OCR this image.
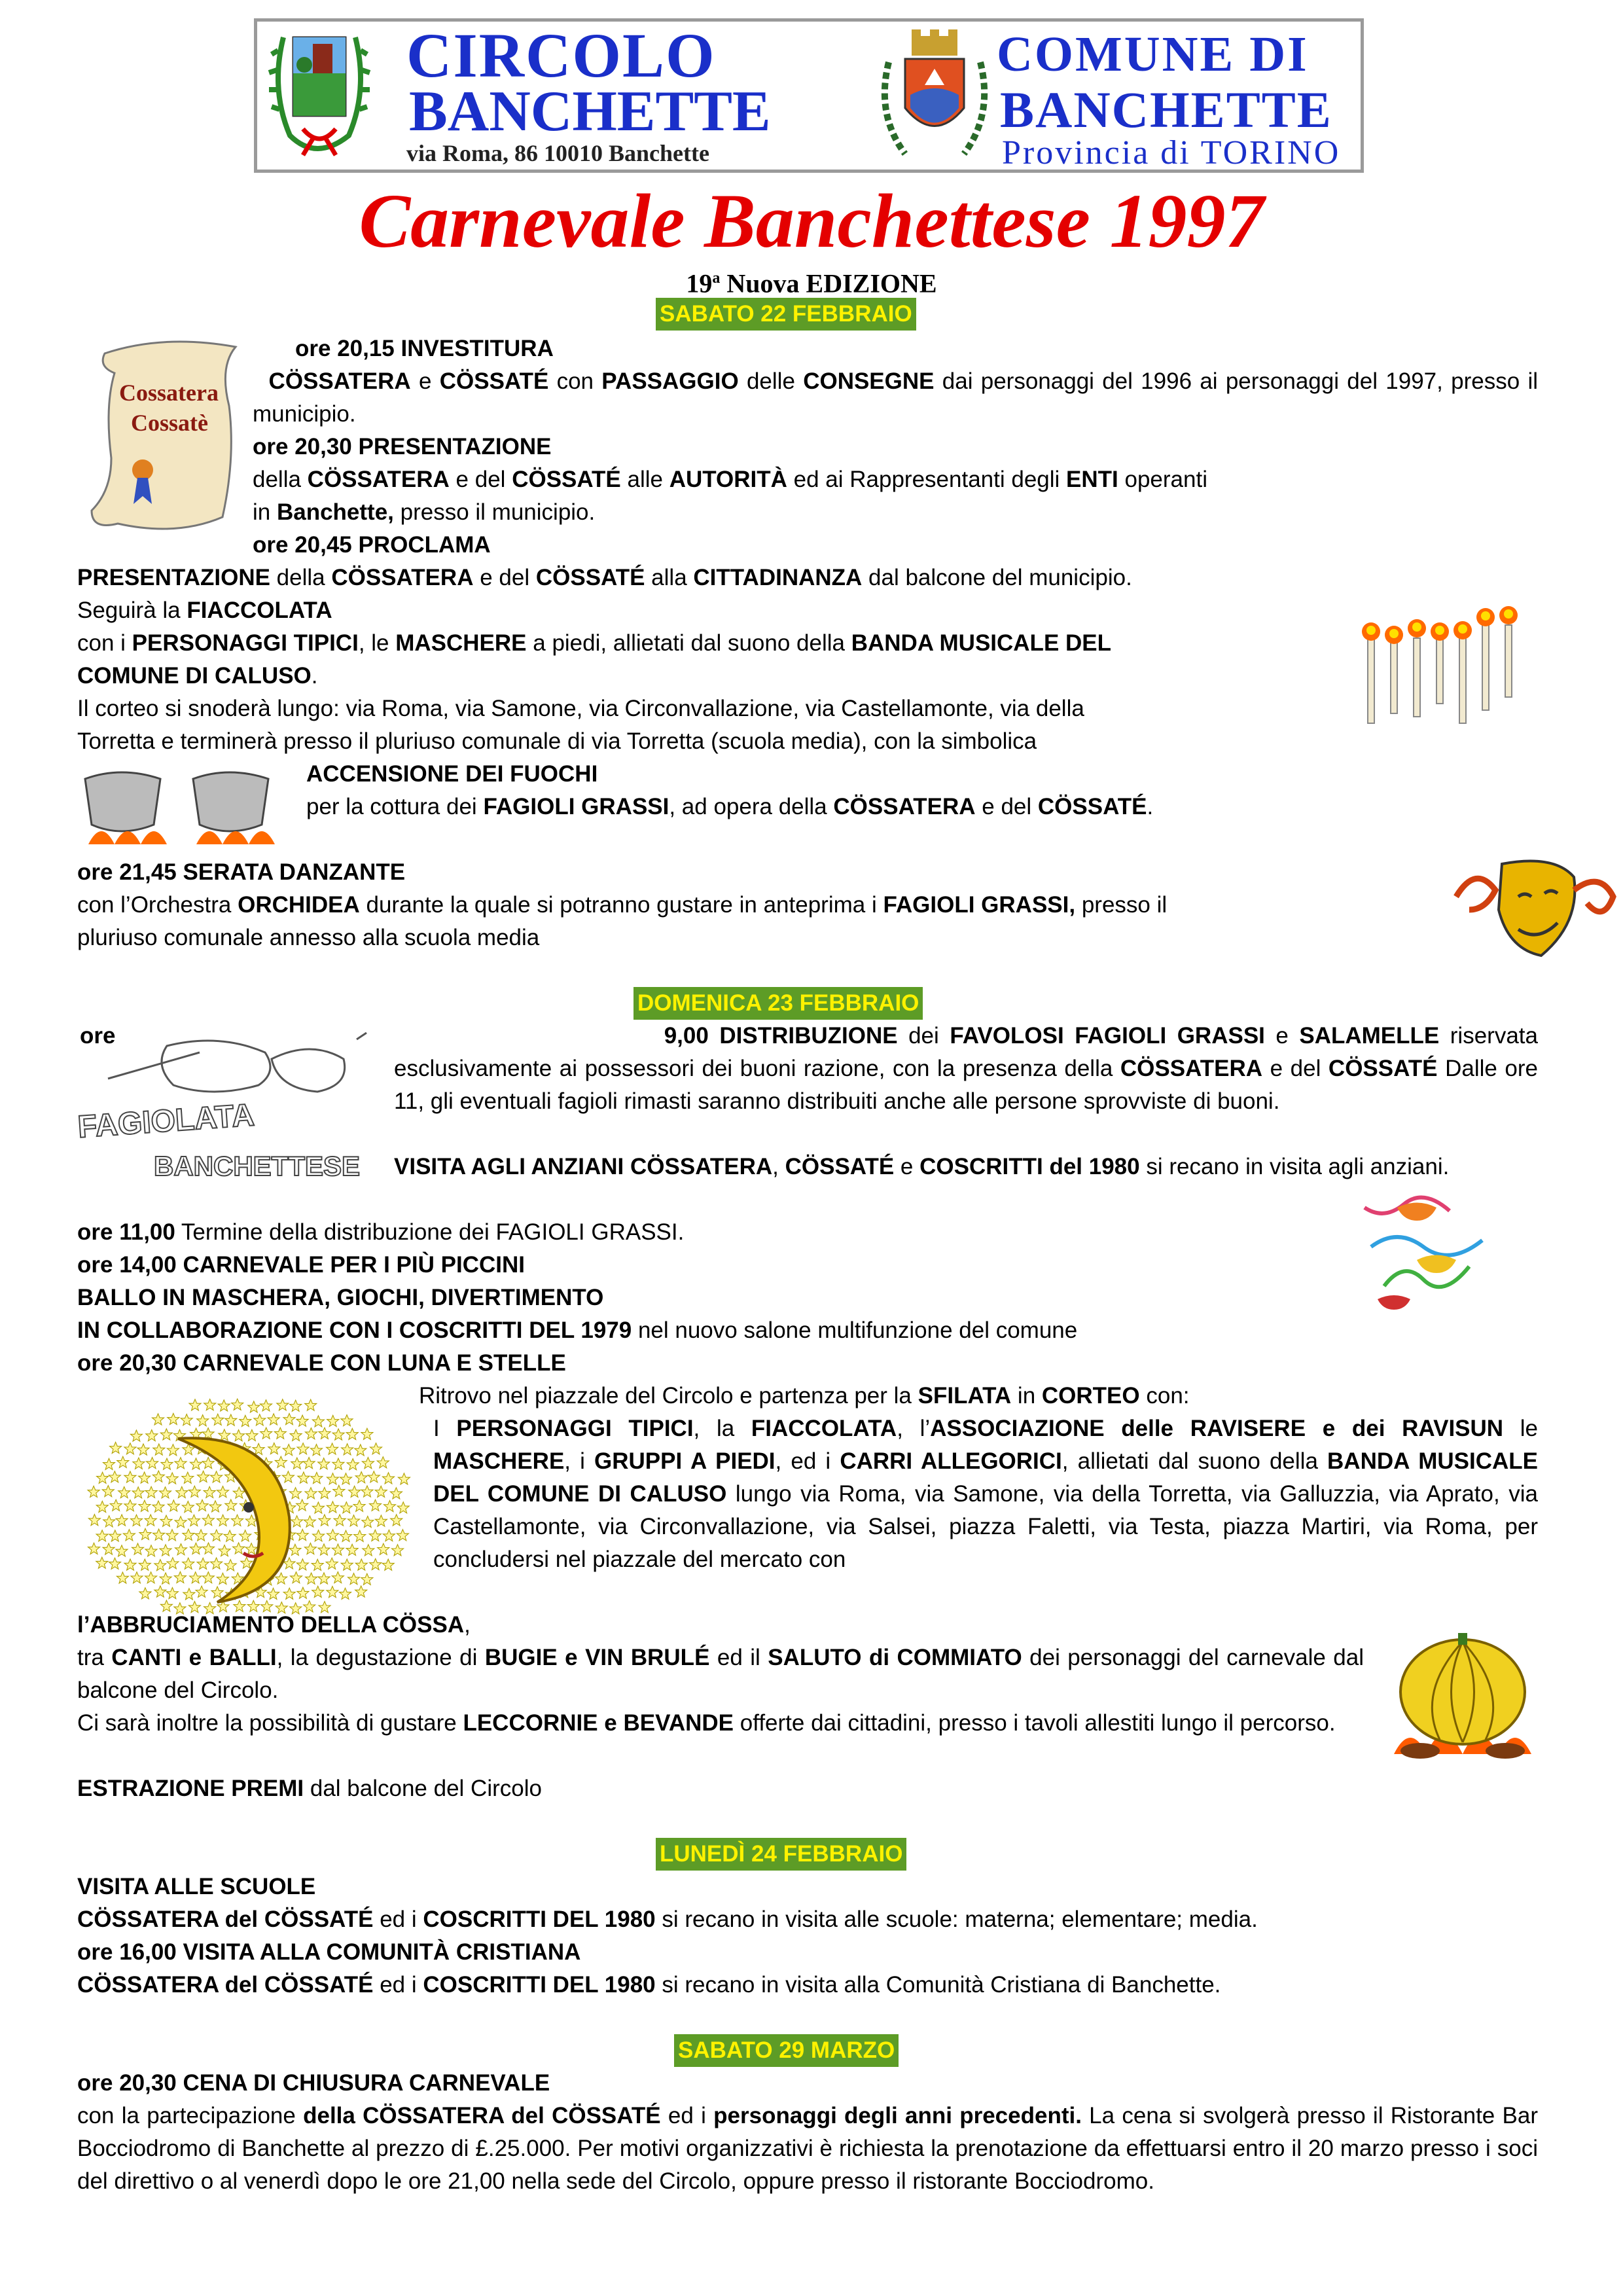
CIRCOLO
BANCHETTE
via Roma, 86 10010 Banchette
COMUNE DI
BANCHETTE
Provincia di TORINO
Carnevale Banchettese 1997
19$^a$ Nuova EDIZIONE
SABATO 22 FEBBRAIO
Cossatera
Cossatè
ore 20,15 INVESTITURA
CÖSSATERA e CÖSSATÉ con PASSAGGIO delle CONSEGNE dai personaggi del 1996 ai personaggi del 1997, presso il municipio.
ore 20,30 PRESENTAZIONE
della CÖSSATERA e del CÖSSATÉ alle AUTORITÀ ed ai Rappresentanti degli ENTI operanti
in Banchette, presso il municipio.
ore 20,45 PROCLAMA
PRESENTAZIONE della CÖSSATERA e del CÖSSATÉ alla CITTADINANZA dal balcone del municipio.
Seguirà la FIACCOLATA
con i PERSONAGGI TIPICI, le MASCHERE a piedi, allietati dal suono della BANDA MUSICALE DEL
COMUNE DI CALUSO.
Il corteo si snoderà lungo: via Roma, via Samone, via Circonvallazione, via Castellamonte, via della
Torretta e terminerà presso il pluriuso comunale di via Torretta (scuola media), con la simbolica
ACCENSIONE DEI FUOCHI
per la cottura dei FAGIOLI GRASSI, ad opera della CÖSSATERA e del CÖSSATÉ.
ore 21,45 SERATA DANZANTE
con l’Orchestra ORCHIDEA durante la quale si potranno gustare in anteprima i FAGIOLI GRASSI, presso il
pluriuso comunale annesso alla scuola media
DOMENICA 23 FEBBRAIO
ore
FAGIOLATA
BANCHETTESE
9,00 DISTRIBUZIONE dei FAVOLOSI FAGIOLI GRASSI e SALAMELLE riservata esclusivamente ai possessori dei buoni razione, con la presenza della CÖSSATERA e del CÖSSATÉ Dalle ore 11, gli eventuali fagioli rimasti saranno distribuiti anche alle persone sprovviste di buoni.
VISITA AGLI ANZIANI CÖSSATERA, CÖSSATÉ e COSCRITTI del 1980 si recano in visita agli anziani.
ore 11,00 Termine della distribuzione dei FAGIOLI GRASSI.
ore 14,00 CARNEVALE PER I PIÙ PICCINI
BALLO IN MASCHERA, GIOCHI, DIVERTIMENTO
IN COLLABORAZIONE CON I COSCRITTI DEL 1979 nel nuovo salone multifunzione del comune
ore 20,30 CARNEVALE CON LUNA E STELLE
Ritrovo nel piazzale del Circolo e partenza per la SFILATA in CORTEO con:
I PERSONAGGI TIPICI, la FIACCOLATA, l’ASSOCIAZIONE delle RAVISERE e dei RAVISUN le MASCHERE, i GRUPPI A PIEDI, ed i CARRI ALLEGORICI, allietati dal suono della BANDA MUSICALE DEL COMUNE DI CALUSO lungo via Roma, via Samone, via della Torretta, via Galluzzia, via Aprato, via Castellamonte, via Circonvallazione, via Salsei, piazza Faletti, via Testa, piazza Martiri, via Roma, per concludersi nel piazzale del mercato con
l’ABBRUCIAMENTO DELLA CÖSSA,
tra CANTI e BALLI, la degustazione di BUGIE e VIN BRULÉ ed il SALUTO di COMMIATO dei personaggi del carnevale dal balcone del Circolo.
Ci sarà inoltre la possibilità di gustare LECCORNIE e BEVANDE offerte dai cittadini, presso i tavoli allestiti lungo il percorso.
ESTRAZIONE PREMI dal balcone del Circolo
LUNEDÌ 24 FEBBRAIO
VISITA ALLE SCUOLE
CÖSSATERA del CÖSSATÉ ed i COSCRITTI DEL 1980 si recano in visita alle scuole: materna; elementare; media.
ore 16,00 VISITA ALLA COMUNITÀ CRISTIANA
CÖSSATERA del CÖSSATÉ ed i COSCRITTI DEL 1980 si recano in visita alla Comunità Cristiana di Banchette.
SABATO 29 MARZO
ore 20,30 CENA DI CHIUSURA CARNEVALE
con la partecipazione della CÖSSATERA del CÖSSATÉ ed i personaggi degli anni precedenti. La cena si svolgerà presso il Ristorante Bar Bocciodromo di Banchette al prezzo di £.25.000. Per motivi organizzativi è richiesta la prenotazione da effettuarsi entro il 20 marzo presso i soci del direttivo o al venerdì dopo le ore 21,00 nella sede del Circolo, oppure presso il ristorante Bocciodromo.
